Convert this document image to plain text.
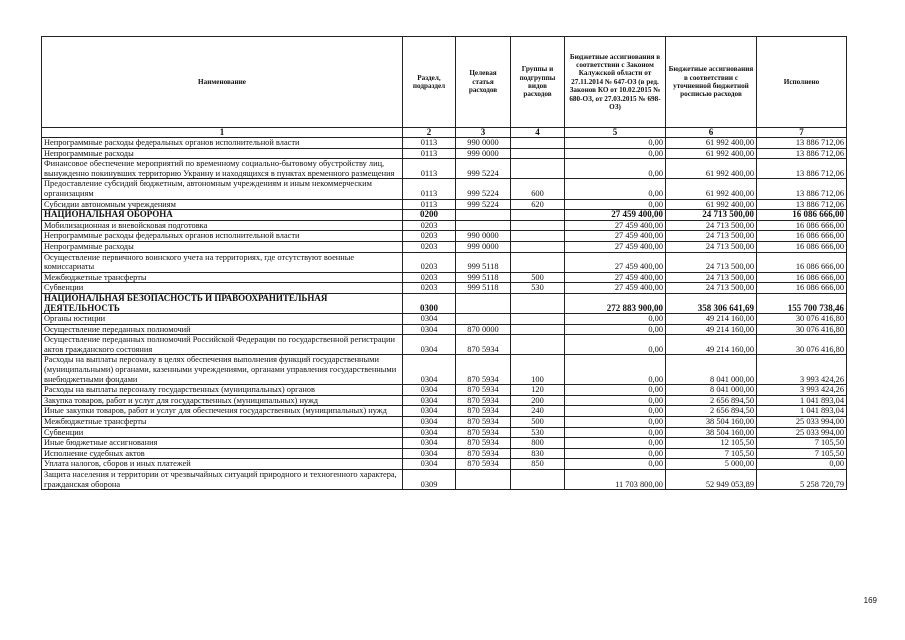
Наименование	Раздел, подраздел	Целевая статья расходов	Группы и подгруппы видов расходов	Бюджетные ассигнования в соответствии с Законом Калужской области от 27.11.2014 № 647-ОЗ (в ред. Законов КО от 10.02.2015 № 680-ОЗ, от 27.03.2015 № 698-ОЗ)	Бюджетные ассигнования в соответствии с уточненной бюджетной росписью расходов	Исполнено
1	2	3	4	5	6	7
Непрограммные расходы федеральных органов исполнительной власти	0113	990 0000		0,00	61 992 400,00	13 886 712,06
Непрограммные расходы	0113	999 0000		0,00	61 992 400,00	13 886 712,06
Финансовое обеспечение мероприятий по временному социально-бытовому обустройству лиц, вынужденно покинувших территорию Украину и находящихся в пунктах временного размещения	0113	999 5224		0,00	61 992 400,00	13 886 712,06
Предоставление субсидий бюджетным, автономным учреждениям и иным некоммерческим организациям	0113	999 5224	600	0,00	61 992 400,00	13 886 712,06
Субсидии автономным учреждениям	0113	999 5224	620	0,00	61 992 400,00	13 886 712,06
НАЦИОНАЛЬНАЯ ОБОРОНА	0200			27 459 400,00	24 713 500,00	16 086 666,00
Мобилизационная и вневойсковая подготовка	0203			27 459 400,00	24 713 500,00	16 086 666,00
Непрограммные расходы федеральных органов исполнительной власти	0203	990 0000		27 459 400,00	24 713 500,00	16 086 666,00
Непрограммные расходы	0203	999 0000		27 459 400,00	24 713 500,00	16 086 666,00
Осуществление первичного воинского учета на территориях, где отсутствуют военные комиссариаты	0203	999 5118		27 459 400,00	24 713 500,00	16 086 666,00
Межбюджетные трансферты	0203	999 5118	500	27 459 400,00	24 713 500,00	16 086 666,00
Субвенции	0203	999 5118	530	27 459 400,00	24 713 500,00	16 086 666,00
НАЦИОНАЛЬНАЯ БЕЗОПАСНОСТЬ И ПРАВООХРАНИТЕЛЬНАЯ ДЕЯТЕЛЬНОСТЬ	0300			272 883 900,00	358 306 641,69	155 700 738,46
Органы юстиции	0304			0,00	49 214 160,00	30 076 416,80
Осуществление переданных полномочий	0304	870 0000		0,00	49 214 160,00	30 076 416,80
Осуществление переданных полномочий Российской Федерации по государственной регистрации актов гражданского состояния	0304	870 5934		0,00	49 214 160,00	30 076 416,80
Расходы на выплаты персоналу в целях обеспечения выполнения функций государственными (муниципальными) органами, казенными учреждениями, органами управления государственными внебюджетными фондами	0304	870 5934	100	0,00	8 041 000,00	3 993 424,26
Расходы на выплаты персоналу государственных (муниципальных) органов	0304	870 5934	120	0,00	8 041 000,00	3 993 424,26
Закупка товаров, работ и услуг для государственных (муниципальных) нужд	0304	870 5934	200	0,00	2 656 894,50	1 041 893,04
Иные закупки товаров, работ и услуг для обеспечения государственных (муниципальных) нужд	0304	870 5934	240	0,00	2 656 894,50	1 041 893,04
Межбюджетные трансферты	0304	870 5934	500	0,00	38 504 160,00	25 033 994,00
Субвенции	0304	870 5934	530	0,00	38 504 160,00	25 033 994,00
Иные бюджетные ассигнования	0304	870 5934	800	0,00	12 105,50	7 105,50
Исполнение судебных актов	0304	870 5934	830	0,00	7 105,50	7 105,50
Уплата налогов, сборов и иных платежей	0304	870 5934	850	0,00	5 000,00	0,00
Защита населения и территории от чрезвычайных ситуаций природного и техногенного характера, гражданская оборона	0309			11 703 800,00	52 949 053,89	5 258 720,79
169
